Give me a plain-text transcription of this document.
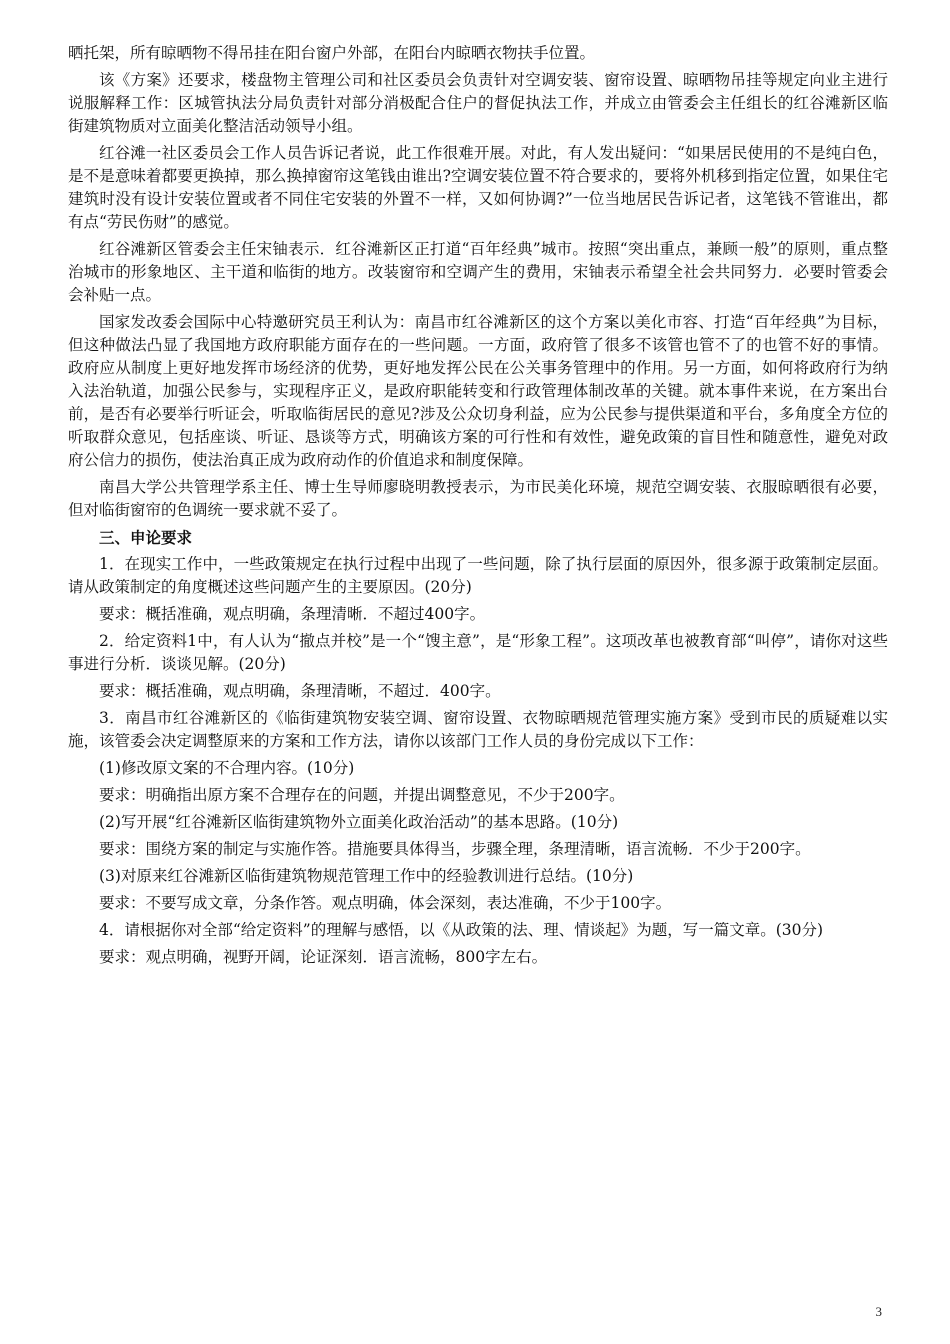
晒托架，所有晾晒物不得吊挂在阳台窗户外部，在阳台内晾晒衣物扶手位置。

该《方案》还要求，楼盘物主管理公司和社区委员会负责针对空调安装、窗帘设置、晾晒物吊挂等规定向业主进行说服解释工作：区城管执法分局负责针对部分消极配合住户的督促执法工作，并成立由管委会主任组长的红谷滩新区临街建筑物质对立面美化整洁活动领导小组。

红谷滩一社区委员会工作人员告诉记者说，此工作很难开展。对此，有人发出疑问：“如果居民使用的不是纯白色，是不是意味着都要更换掉，那么换掉窗帘这笔钱由谁出?空调安装位置不符合要求的，要将外机移到指定位置，如果住宅建筑时没有设计安装位置或者不同住宅安装的外置不一样，又如何协调?”一位当地居民告诉记者，这笔钱不管谁出，都有点“劳民伤财”的感觉。

红谷滩新区管委会主任宋铀表示．红谷滩新区正打道“百年经典”城市。按照“突出重点，兼顾一般”的原则，重点整治城市的形象地区、主干道和临街的地方。改装窗帘和空调产生的费用，宋铀表示希望全社会共同努力．必要时管委会会补贴一点。

国家发改委会国际中心特邀研究员王利认为：南昌市红谷滩新区的这个方案以美化市容、打造“百年经典”为目标，但这种做法凸显了我国地方政府职能方面存在的一些问题。一方面，政府管了很多不该管也管不了的也管不好的事情。政府应从制度上更好地发挥市场经济的优势，更好地发挥公民在公关事务管理中的作用。另一方面，如何将政府行为纳入法治轨道，加强公民参与，实现程序正义，是政府职能转变和行政管理体制改革的关键。就本事件来说，在方案出台前，是否有必要举行听证会，听取临街居民的意见?涉及公众切身利益，应为公民参与提供渠道和平台，多角度全方位的听取群众意见，包括座谈、听证、恳谈等方式，明确该方案的可行性和有效性，避免政策的盲目性和随意性，避免对政府公信力的损伤，使法治真正成为政府动作的价值追求和制度保障。

南昌大学公共管理学系主任、博士生导师廖晓明教授表示，为市民美化环境，规范空调安装、衣服晾晒很有必要，但对临街窗帘的色调统一要求就不妥了。

三、申论要求

1．在现实工作中，一些政策规定在执行过程中出现了一些问题，除了执行层面的原因外，很多源于政策制定层面。请从政策制定的角度概述这些问题产生的主要原因。(20分)

要求：概括准确，观点明确，条理清晰．不超过400字。

2．给定资料1中，有人认为“撤点并校”是一个“馊主意”，是“形象工程”。这项改革也被教育部“叫停”，请你对这些事进行分析．谈谈见解。(20分)

要求：概括准确，观点明确，条理清晰，不超过．400字。

3．南昌市红谷滩新区的《临街建筑物安装空调、窗帘设置、衣物晾晒规范管理实施方案》受到市民的质疑难以实施，该管委会决定调整原来的方案和工作方法，请你以该部门工作人员的身份完成以下工作：

(1)修改原文案的不合理内容。(10分)

要求：明确指出原方案不合理存在的问题，并提出调整意见，不少于200字。

(2)写开展“红谷滩新区临街建筑物外立面美化政治活动”的基本思路。(10分)

要求：围绕方案的制定与实施作答。措施要具体得当，步骤全理，条理清晰，语言流畅．不少于200字。

(3)对原来红谷滩新区临街建筑物规范管理工作中的经验教训进行总结。(10分)

要求：不要写成文章，分条作答。观点明确，体会深刻，表达准确，不少于100字。

4．请根据你对全部“给定资料”的理解与感悟，以《从政策的法、理、情谈起》为题，写一篇文章。(30分)

要求：观点明确，视野开阔，论证深刻．语言流畅，800字左右。

3
